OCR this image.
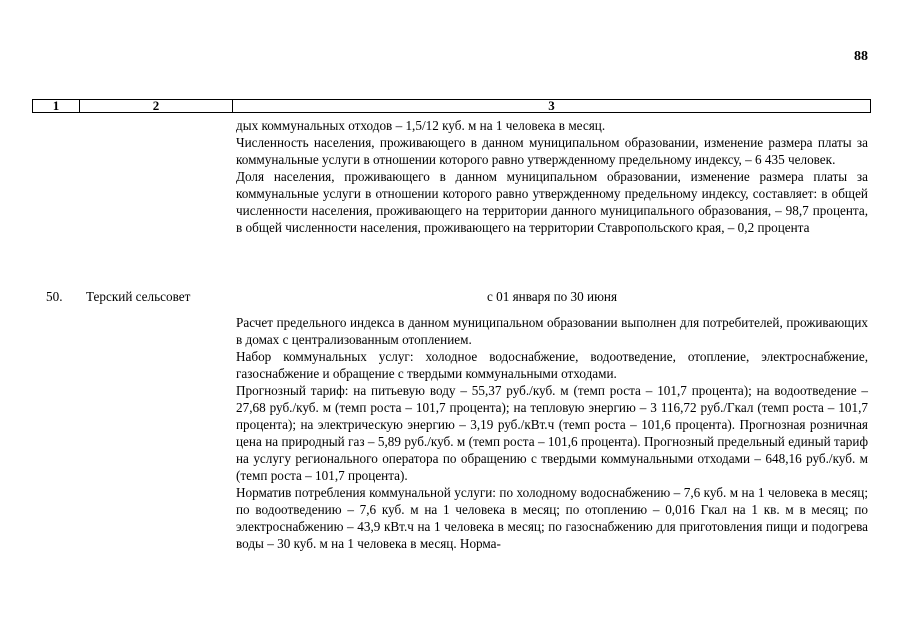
88
1	2	3

дых коммунальных отходов – 1,5/12 куб. м на 1 человека в месяц.

Численность населения, проживающего в данном муниципальном образовании, изменение размера платы за коммунальные услуги в отношении которого равно утвержденному предельному индексу, – 6 435 человек.

Доля населения, проживающего в данном муниципальном образовании, изменение размера платы за коммунальные услуги в отношении которого равно утвержденному предельному индексу, составляет: в общей численности населения, проживающего на территории данного муниципального образования, – 98,7 процента, в общей численности населения, проживающего на территории Ставропольского края, – 0,2 процента

50. Терский сельсовет	с 01 января по 30 июня

Расчет предельного индекса в данном муниципальном образовании выполнен для потребителей, проживающих в домах с централизованным отоплением.

Набор коммунальных услуг: холодное водоснабжение, водоотведение, отопление, электроснабжение, газоснабжение и обращение с твердыми коммунальными отходами.

Прогнозный тариф: на питьевую воду – 55,37 руб./куб. м (темп роста – 101,7 процента); на водоотведение – 27,68 руб./куб. м (темп роста – 101,7 процента); на тепловую энергию – 3 116,72 руб./Гкал (темп роста – 101,7 процента); на электрическую энергию – 3,19 руб./кВт.ч (темп роста – 101,6 процента). Прогнозная розничная цена на природный газ – 5,89 руб./куб. м (темп роста – 101,6 процента). Прогнозный предельный единый тариф на услугу регионального оператора по обращению с твердыми коммунальными отходами – 648,16 руб./куб. м (темп роста – 101,7 процента).

Норматив потребления коммунальной услуги: по холодному водоснабжению – 7,6 куб. м на 1 человека в месяц; по водоотведению – 7,6 куб. м на 1 человека в месяц; по отоплению – 0,016 Гкал на 1 кв. м в месяц; по электроснабжению – 43,9 кВт.ч на 1 человека в месяц; по газоснабжению для приготовления пищи и подогрева воды – 30 куб. м на 1 человека в месяц. Норма-
